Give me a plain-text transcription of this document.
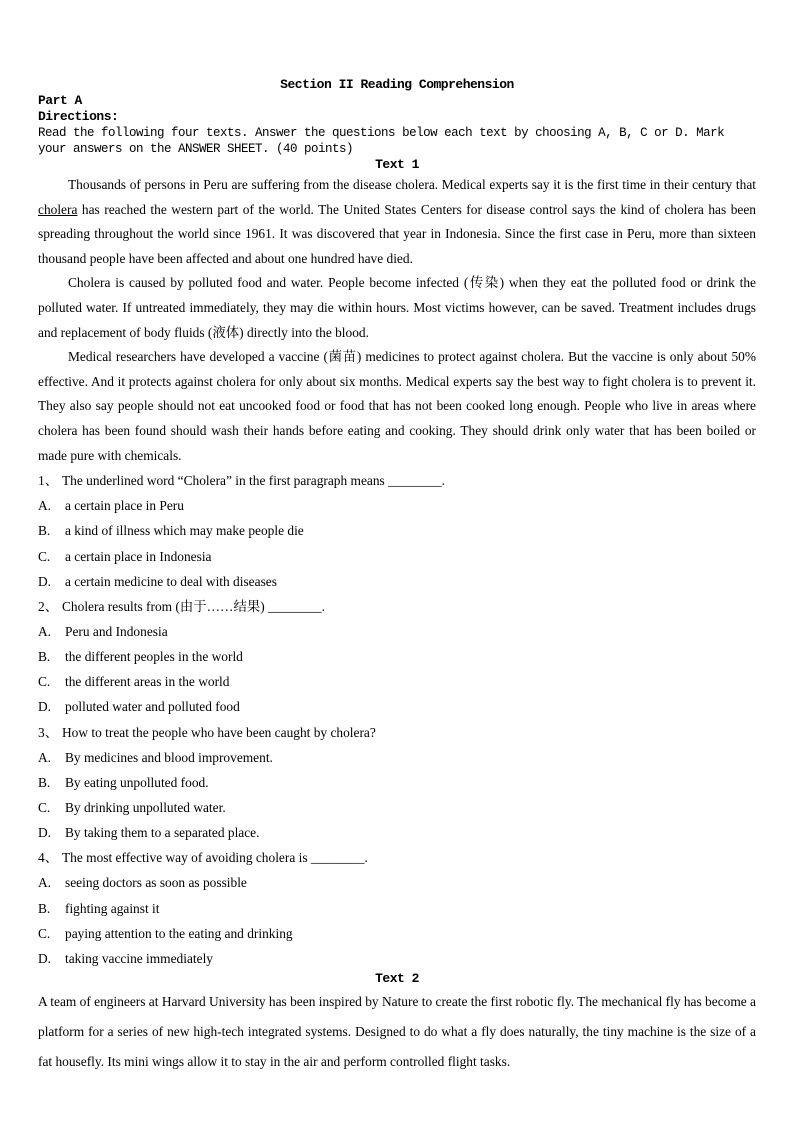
Section II Reading Comprehension
Part A
Directions:
Read the following four texts. Answer the questions below each text by choosing A, B, C or D. Mark your answers on the ANSWER SHEET. (40 points)
Text 1

Thousands of persons in Peru are suffering from the disease cholera. Medical experts say it is the first time in their century that cholera has reached the western part of the world. The United States Centers for disease control says the kind of cholera has been spreading throughout the world since 1961. It was discovered that year in Indonesia. Since the first case in Peru, more than sixteen thousand people have been affected and about one hundred have died.

Cholera is caused by polluted food and water. People become infected (传染) when they eat the polluted food or drink the polluted water. If untreated immediately, they may die within hours. Most victims however, can be saved. Treatment includes drugs and replacement of body fluids (液体) directly into the blood.

Medical researchers have developed a vaccine (菌苗) medicines to protect against cholera. But the vaccine is only about 50% effective. And it protects against cholera for only about six months. Medical experts say the best way to fight cholera is to prevent it. They also say people should not eat uncooked food or food that has not been cooked long enough. People who live in areas where cholera has been found should wash their hands before eating and cooking. They should drink only water that has been boiled or made pure with chemicals.

1、 The underlined word “Cholera” in the first paragraph means ________.
A. a certain place in Peru
B. a kind of illness which may make people die
C. a certain place in Indonesia
D. a certain medicine to deal with diseases
2、 Cholera results from (由于……结果) ________.
A. Peru and Indonesia
B. the different peoples in the world
C. the different areas in the world
D. polluted water and polluted food
3、 How to treat the people who have been caught by cholera?
A. By medicines and blood improvement.
B. By eating unpolluted food.
C. By drinking unpolluted water.
D. By taking them to a separated place.
4、 The most effective way of avoiding cholera is ________.
A. seeing doctors as soon as possible
B. fighting against it
C. paying attention to the eating and drinking
D. taking vaccine immediately
Text 2

A team of engineers at Harvard University has been inspired by Nature to create the first robotic fly. The mechanical fly has become a platform for a series of new high-tech integrated systems. Designed to do what a fly does naturally, the tiny machine is the size of a fat housefly. Its mini wings allow it to stay in the air and perform controlled flight tasks.
